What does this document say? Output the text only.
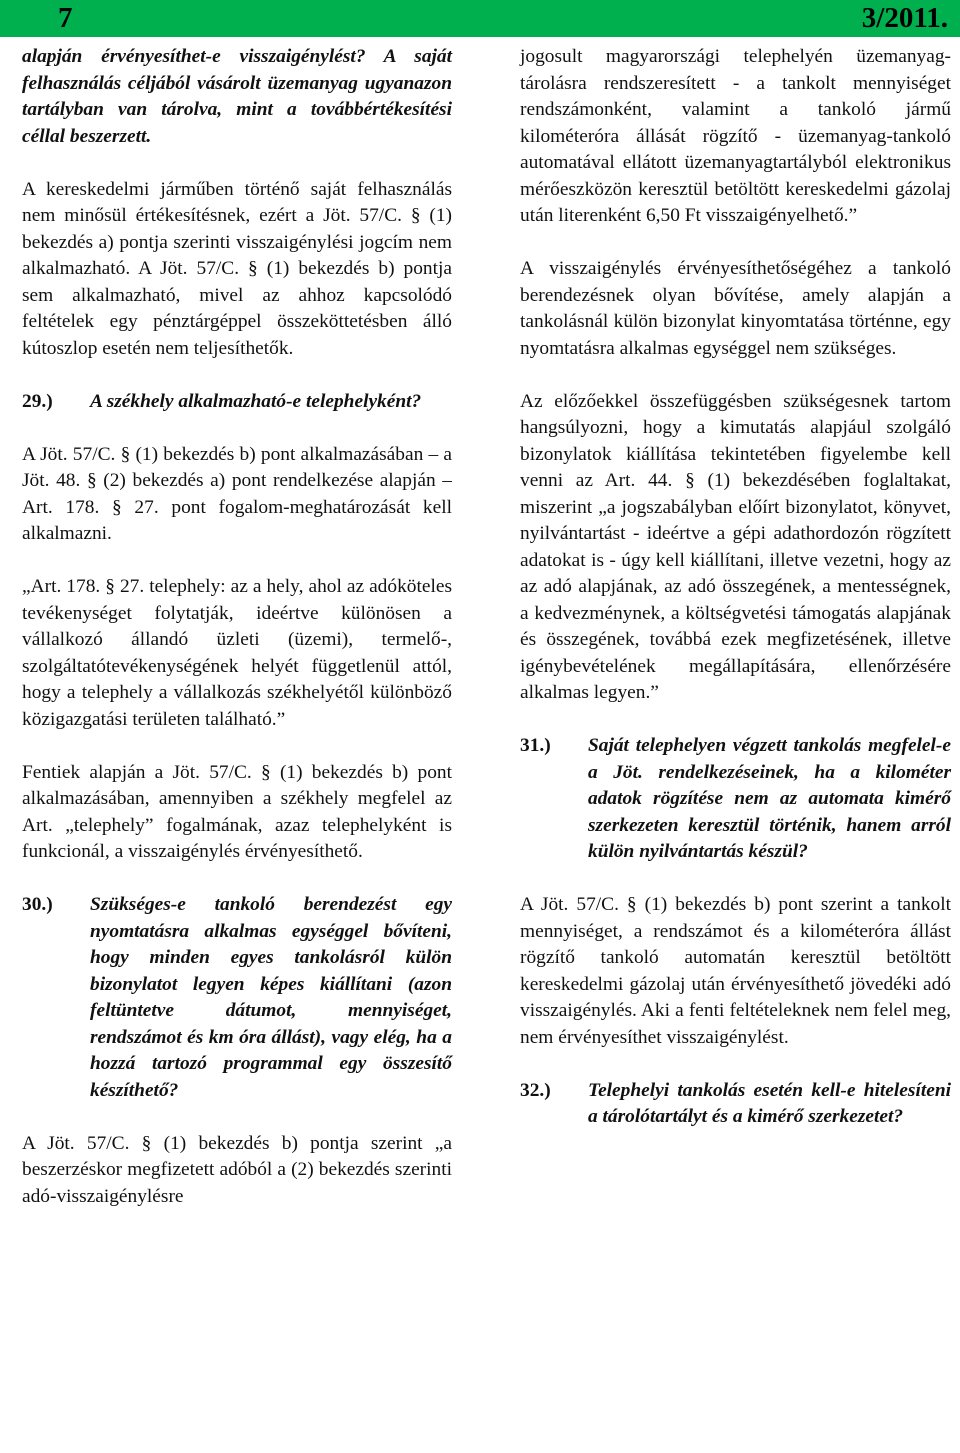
7	3/2011.

alapján érvényesíthet-e visszaigénylést? A saját felhasználás céljából vásárolt üzemanyag ugyanazon tartályban van tárolva, mint a továbbértékesítési céllal beszerzett.

A kereskedelmi járműben történő saját felhasználás nem minősül értékesítésnek, ezért a Jöt. 57/C. § (1) bekezdés a) pontja szerinti visszaigénylési jogcím nem alkalmazható. A Jöt. 57/C. § (1) bekezdés b) pontja sem alkalmazható, mivel az ahhoz kapcsolódó feltételek egy pénztárgéppel összeköttetésben álló kútoszlop esetén nem teljesíthetők.

29.)	A székhely alkalmazható-e telephelyként?

A Jöt. 57/C. § (1) bekezdés b) pont alkalmazásában – a Jöt. 48. § (2) bekezdés a) pont rendelkezése alapján – Art. 178. § 27. pont fogalom-meghatározását kell alkalmazni.

„Art. 178. § 27. telephely: az a hely, ahol az adóköteles tevékenységet folytatják, ideértve különösen a vállalkozó állandó üzleti (üzemi), termelő-, szolgáltatótevékenységének helyét függetlenül attól, hogy a telephely a vállalkozás székhelyétől különböző közigazgatási területen található.”

Fentiek alapján a Jöt. 57/C. § (1) bekezdés b) pont alkalmazásában, amennyiben a székhely megfelel az Art. „telephely” fogalmának, azaz telephelyként is funkcionál, a visszaigénylés érvényesíthető.

30.)	Szükséges-e tankoló berendezést egy nyomtatásra alkalmas egységgel bővíteni, hogy minden egyes tankolásról külön bizonylatot legyen képes kiállítani (azon feltüntetve dátumot, mennyiséget, rendszámot és km óra állást), vagy elég, ha a hozzá tartozó programmal egy összesítő készíthető?

A Jöt. 57/C. § (1) bekezdés b) pontja szerint „a beszerzéskor megfizetett adóból a (2) bekezdés szerinti adó-visszaigénylésre

jogosult magyarországi telephelyén üzemanyag-tárolásra rendszeresített - a tankolt mennyiséget rendszámonként, valamint a tankoló jármű kilométeróra állását rögzítő - üzemanyag-tankoló automatával ellátott üzemanyagtartályból elektronikus mérőeszközön keresztül betöltött kereskedelmi gázolaj után literenként 6,50 Ft visszaigényelhető.”

A visszaigénylés érvényesíthetőségéhez a tankoló berendezésnek olyan bővítése, amely alapján a tankolásnál külön bizonylat kinyomtatása történne, egy nyomtatásra alkalmas egységgel nem szükséges.

Az előzőekkel összefüggésben szükségesnek tartom hangsúlyozni, hogy a kimutatás alapjául szolgáló bizonylatok kiállítása tekintetében figyelembe kell venni az Art. 44. § (1) bekezdésében foglaltakat, miszerint „a jogszabályban előírt bizonylatot, könyvet, nyilvántartást - ideértve a gépi adathordozón rögzített adatokat is - úgy kell kiállítani, illetve vezetni, hogy az az adó alapjának, az adó összegének, a mentességnek, a kedvezménynek, a költségvetési támogatás alapjának és összegének, továbbá ezek megfizetésének, illetve igénybevételének megállapítására, ellenőrzésére alkalmas legyen.”

31.)	Saját telephelyen végzett tankolás megfelel-e a Jöt. rendelkezéseinek, ha a kilométer adatok rögzítése nem az automata kimérő szerkezeten keresztül történik, hanem arról külön nyilvántartás készül?

A Jöt. 57/C. § (1) bekezdés b) pont szerint a tankolt mennyiséget, a rendszámot és a kilométeróra állást rögzítő tankoló automatán keresztül betöltött kereskedelmi gázolaj után érvényesíthető jövedéki adó visszaigénylés. Aki a fenti feltételeknek nem felel meg, nem érvényesíthet visszaigénylést.

32.)	Telephelyi tankolás esetén kell-e hitelesíteni a tárolótartályt és a kimérő szerkezetet?
